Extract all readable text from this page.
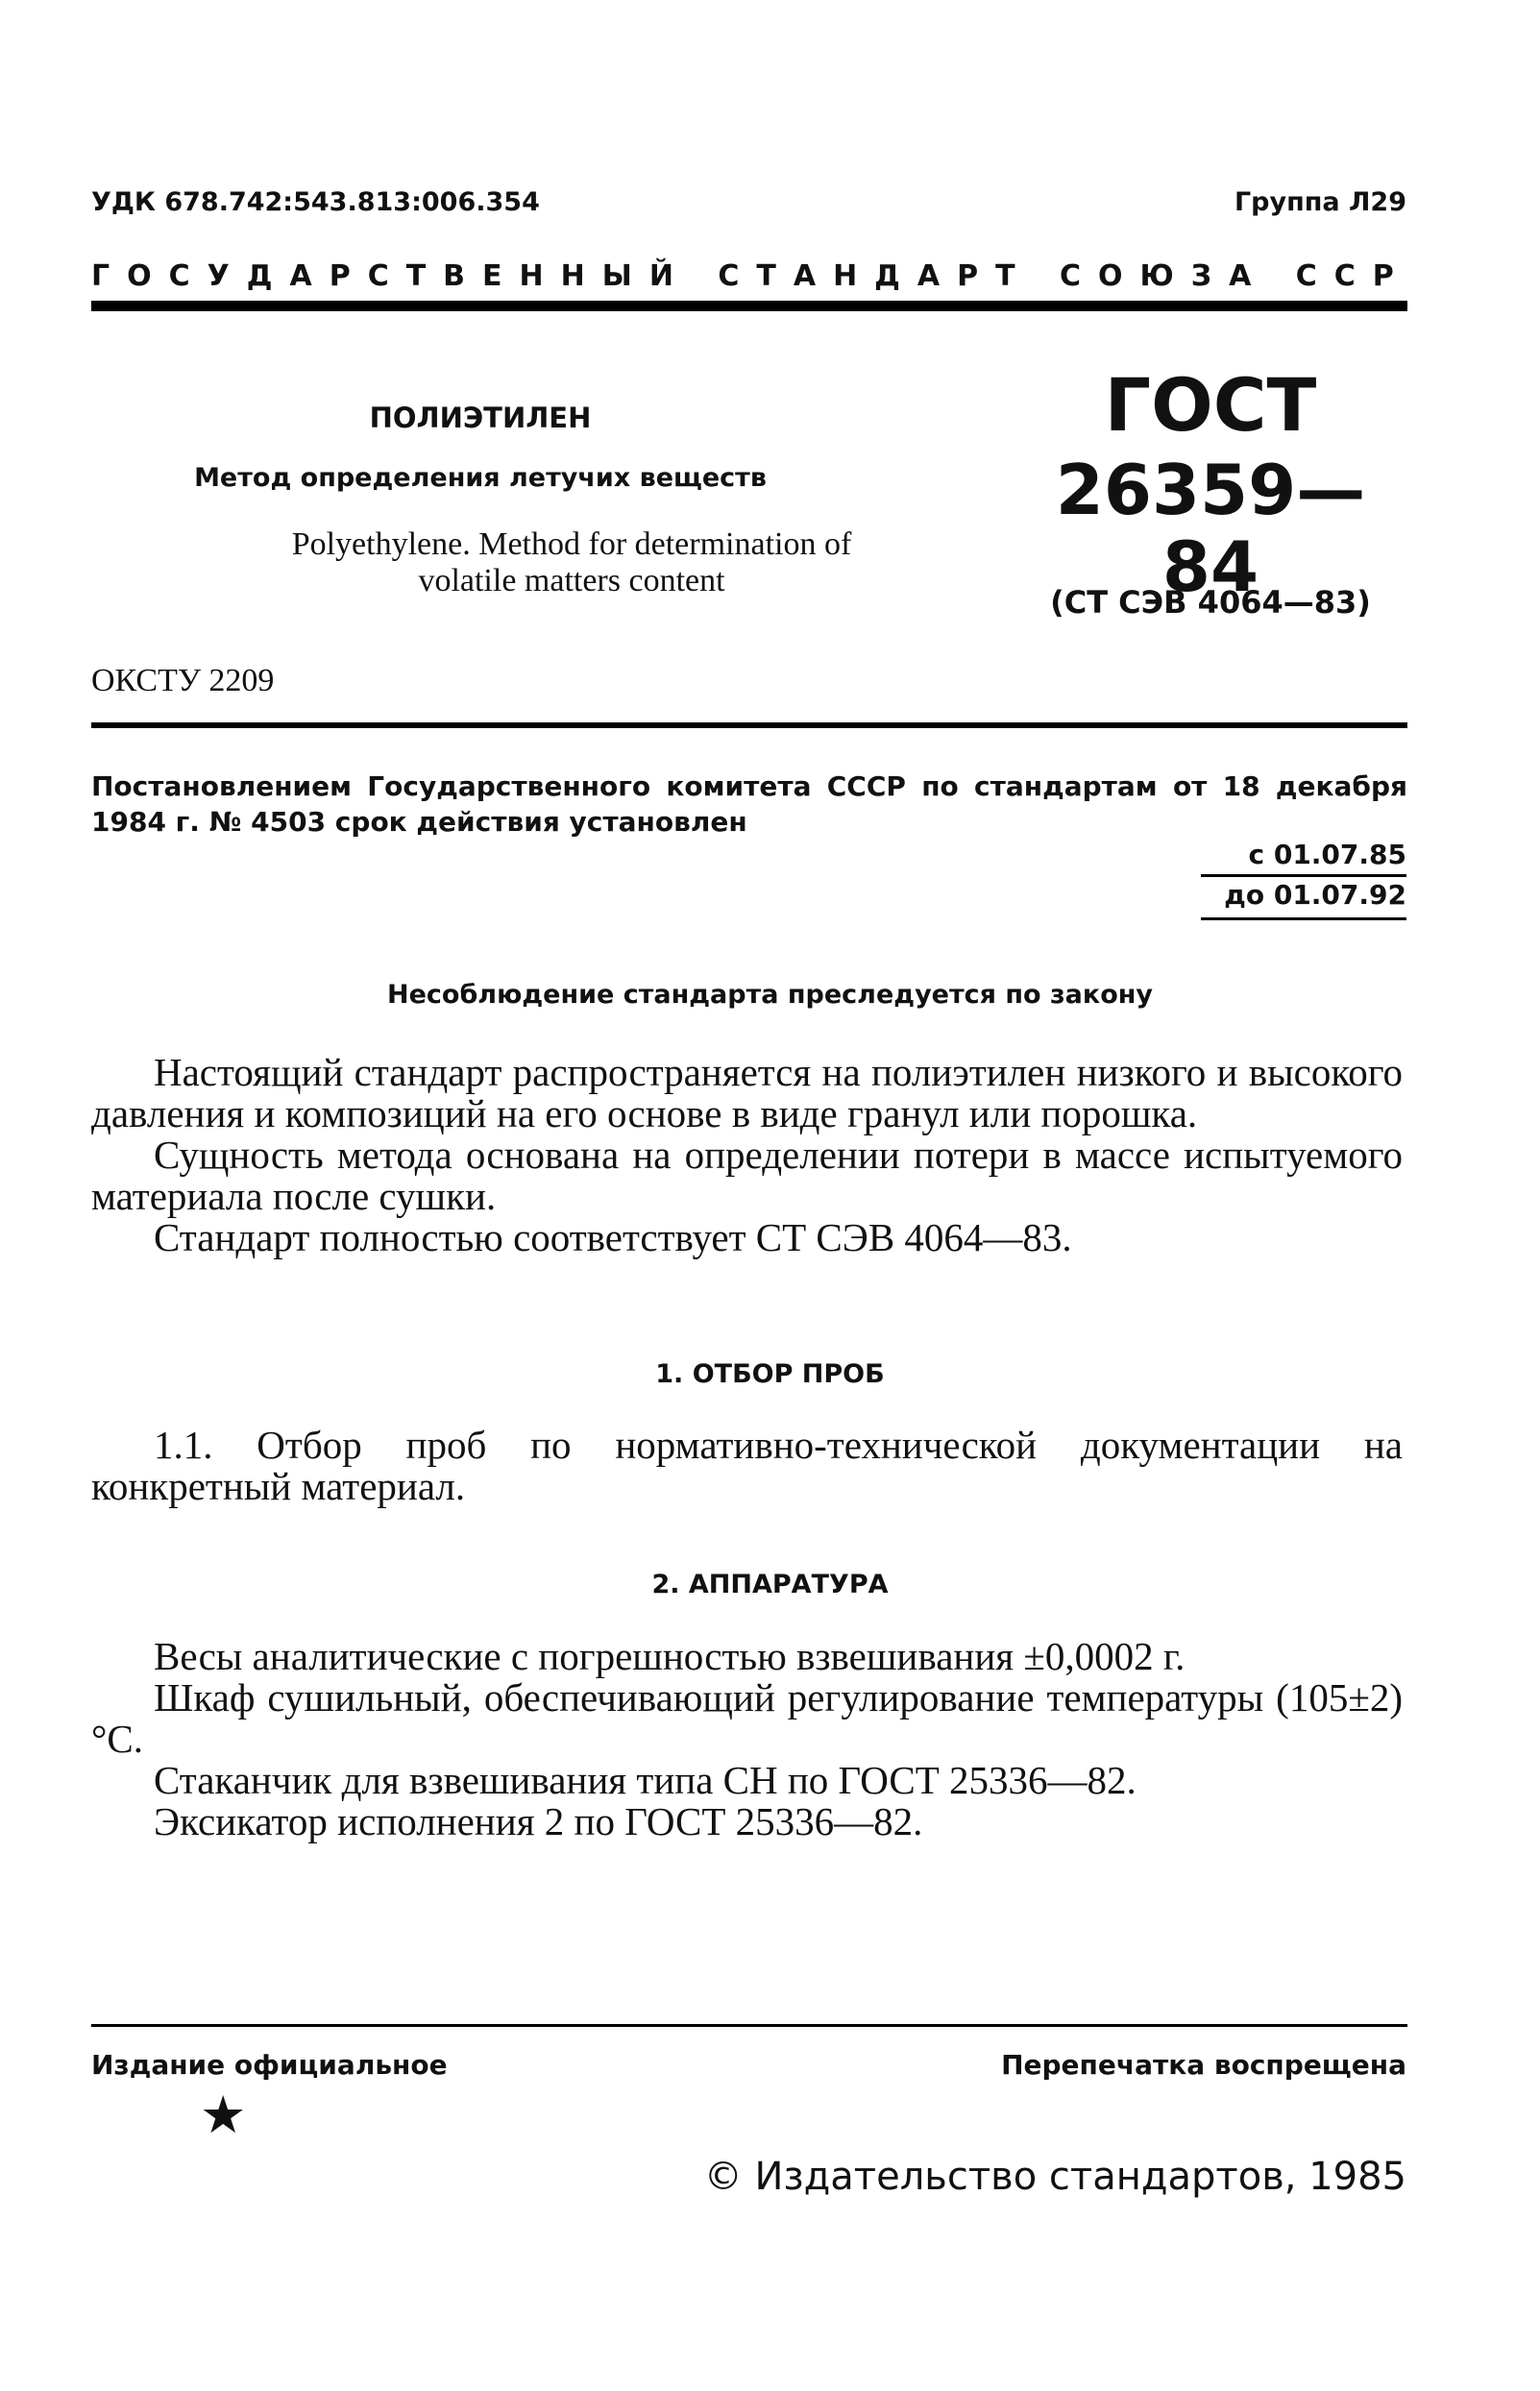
УДК 678.742:543.813:006.354	Группа Л29
ГОСУДАРСТВЕННЫЙ СТАНДАРТ СОЮЗА ССР
ПОЛИЭТИЛЕН
Метод определения летучих веществ
Polyethylene. Method for determination of
volatile matters content
ГОСТ
26359—84
(СТ СЭВ 4064—83)
ОКСТУ 2209
Постановлением Государственного комитета СССР по стандартам от 18 декабря 1984 г. № 4503 срок действия установлен
с 01.07.85
до 01.07.92
Несоблюдение стандарта преследуется по закону

Настоящий стандарт распространяется на полиэтилен низкого и высокого давления и композиций на его основе в виде гранул или порошка.

Сущность метода основана на определении потери в массе испытуемого материала после сушки.

Стандарт полностью соответствует СТ СЭВ 4064—83.

1. ОТБОР ПРОБ

1.1. Отбор проб по нормативно-технической документации на конкретный материал.

2. АППАРАТУРА

Весы аналитические с погрешностью взвешивания ±0,0002 г.

Шкаф сушильный, обеспечивающий регулирование температуры (105±2)°С.

Стаканчик для взвешивания типа СН по ГОСТ 25336—82.

Эксикатор исполнения 2 по ГОСТ 25336—82.

Издание официальное	Перепечатка воспрещена
★
© Издательство стандартов, 1985
